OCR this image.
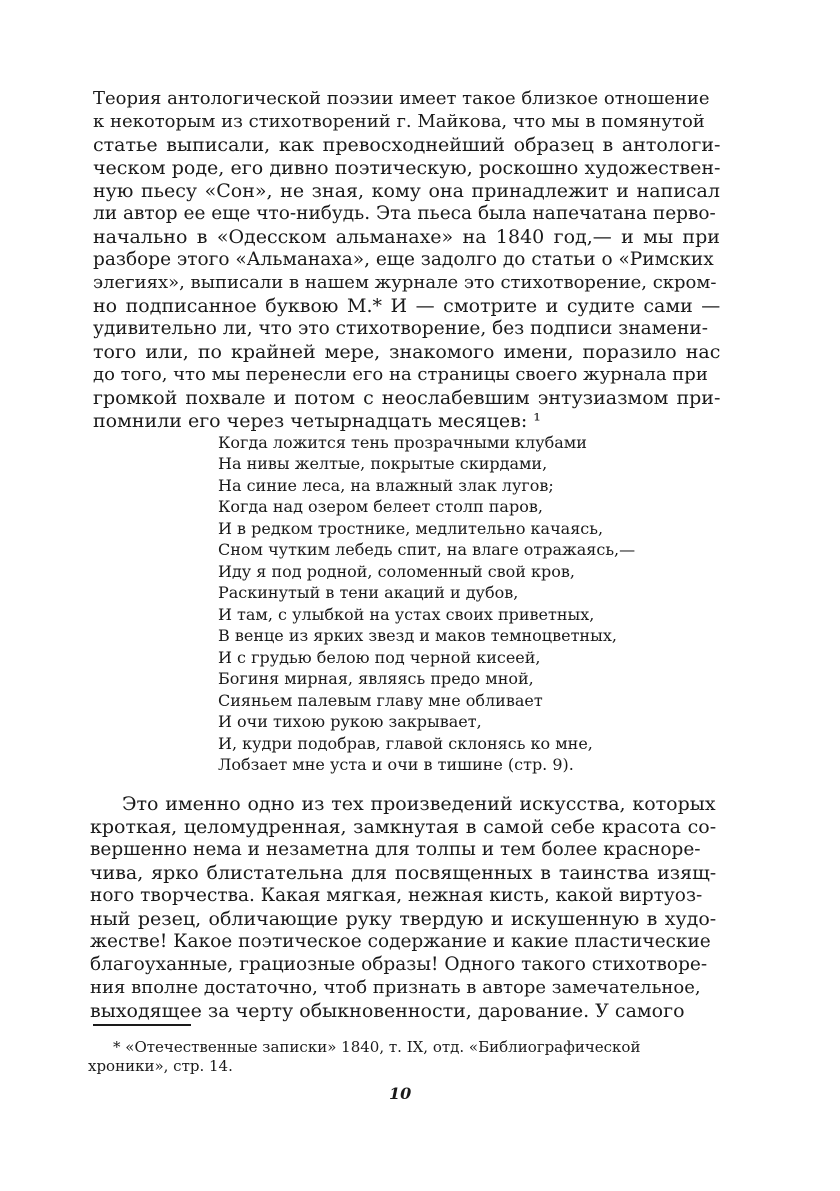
Теория антологической поэзии имеет такое близкое отношение
к некоторым из стихотворений г. Майкова, что мы в помянутой
статье выписали, как превосходнейший образец в антологи-
ческом роде, его дивно поэтическую, роскошно художествен-
ную пьесу «Сон», не зная, кому она принадлежит и написал
ли автор ее еще что-нибудь. Эта пьеса была напечатана перво-
начально в «Одесском альманахе» на 1840 год,— и мы при
разборе этого «Альманаха», еще задолго до статьи о «Римских
элегиях», выписали в нашем журнале это стихотворение, скром-
но подписанное буквою М.* И — смотрите и судите сами —
удивительно ли, что это стихотворение, без подписи знамени-
того или, по крайней мере, знакомого имени, поразило нас
до того, что мы перенесли его на страницы своего журнала при
громкой похвале и потом с неослабевшим энтузиазмом при-
помнили его через четырнадцать месяцев: ¹
Когда ложится тень прозрачными клубами
На нивы желтые, покрытые скирдами,
На синие леса, на влажный злак лугов;
Когда над озером белеет столп паров,
И в редком тростнике, медлительно качаясь,
Сном чутким лебедь спит, на влаге отражаясь,—
Иду я под родной, соломенный свой кров,
Раскинутый в тени акаций и дубов,
И там, с улыбкой на устах своих приветных,
В венце из ярких звезд и маков темноцветных,
И с грудью белою под черной кисеей,
Богиня мирная, являясь предо мной,
Сияньем палевым главу мне обливает
И очи тихою рукою закрывает,
И, кудри подобрав, главой склонясь ко мне,
Лобзает мне уста и очи в тишине (стр. 9).
Это именно одно из тех произведений искусства, которых
кроткая, целомудренная, замкнутая в самой себе красота со-
вершенно нема и незаметна для толпы и тем более красноре-
чива, ярко блистательна для посвященных в таинства изящ-
ного творчества. Какая мягкая, нежная кисть, какой виртуоз-
ный резец, обличающие руку твердую и искушенную в худо-
жестве! Какое поэтическое содержание и какие пластические
благоуханные, грациозные образы! Одного такого стихотворе-
ния вполне достаточно, чтоб признать в авторе замечательное,
выходящее за черту обыкновенности, дарование. У самого
* «Отечественные записки» 1840, т. IX, отд. «Библиографической
хроники», стр. 14.
10
